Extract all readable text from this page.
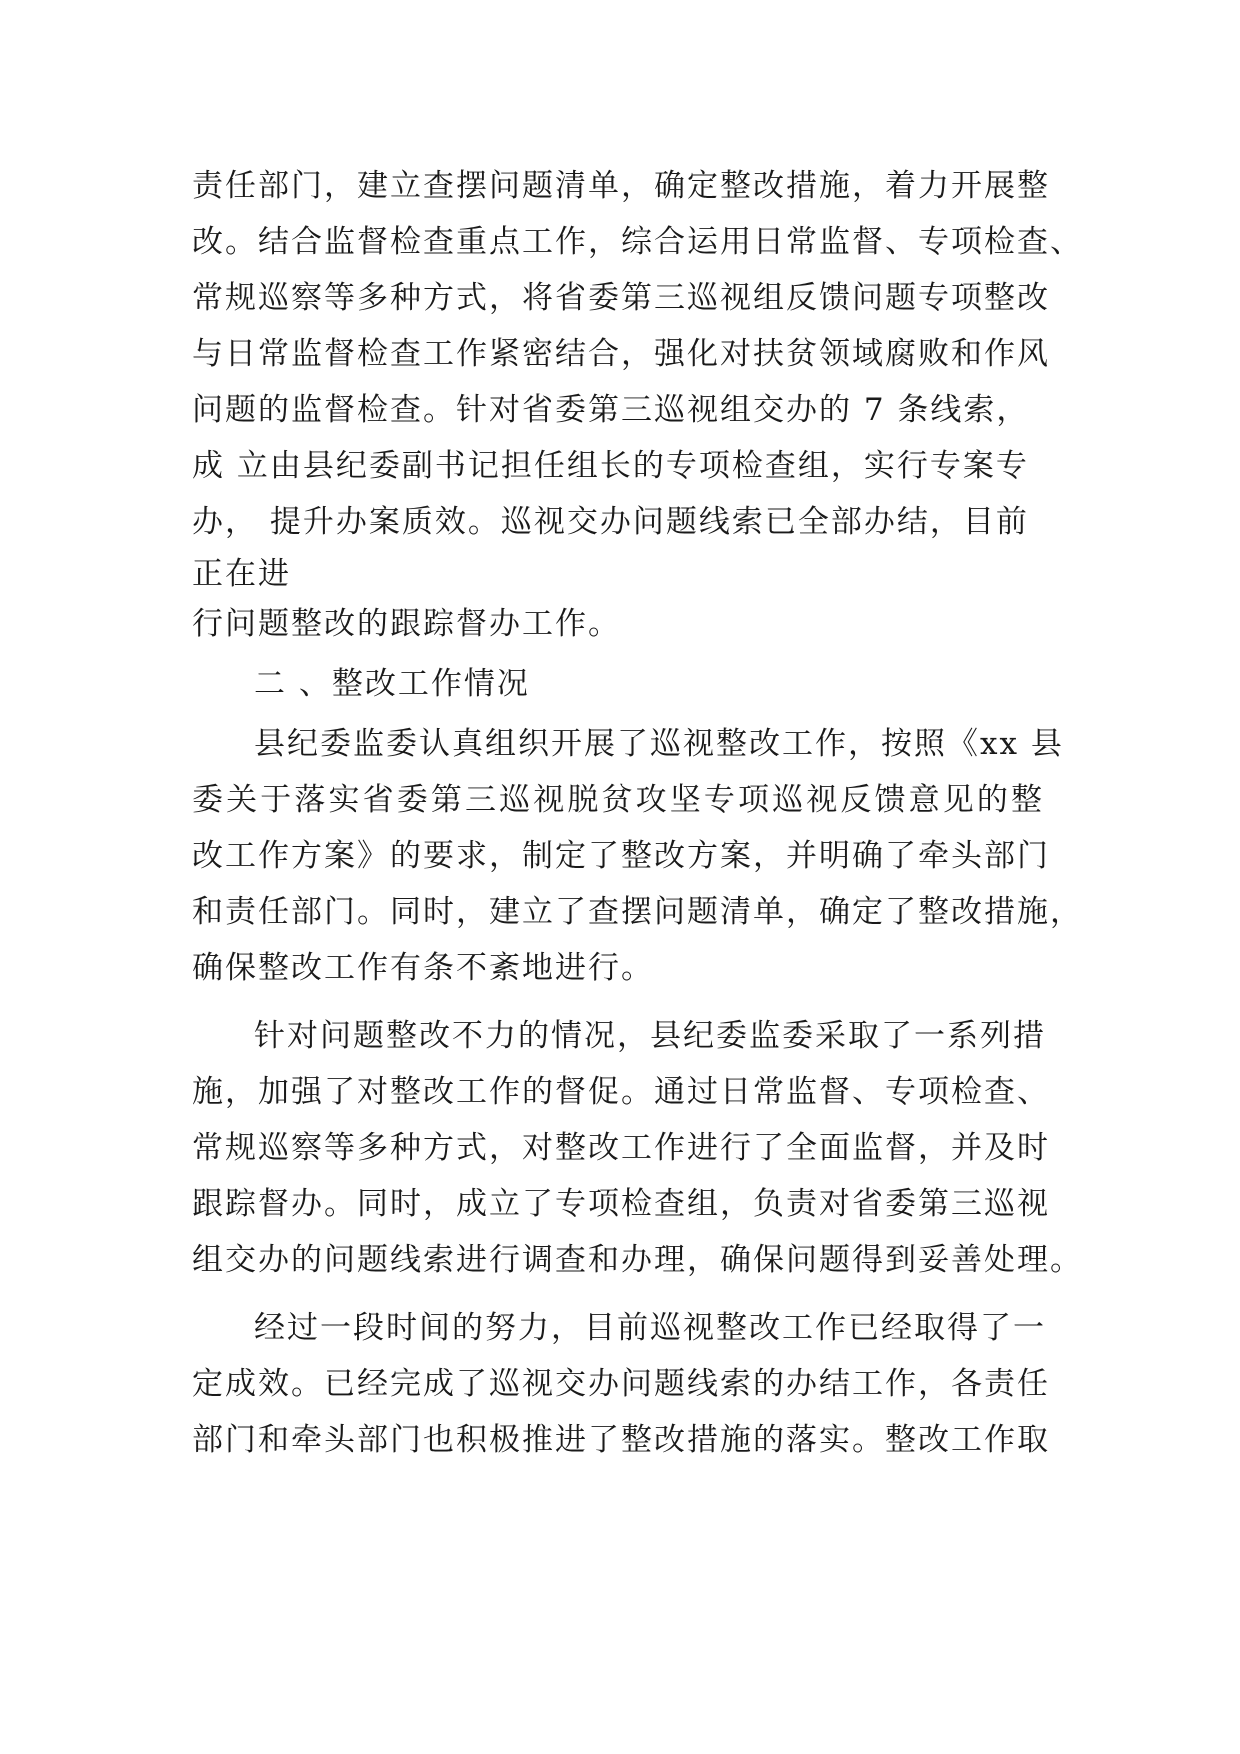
责任部门，建立查摆问题清单，确定整改措施，着力开展整
改。结合监督检查重点工作，综合运用日常监督、专项检查、
常规巡察等多种方式，将省委第三巡视组反馈问题专项整改
与日常监督检查工作紧密结合，强化对扶贫领域腐败和作风
问题的监督检查。针对省委第三巡视组交办的 7 条线索，
成 立由县纪委副书记担任组长的专项检查组，实行专案专
办， 提升办案质效。巡视交办问题线索已全部办结，目前
正在进
行问题整改的跟踪督办工作。
二 、整改工作情况
县纪委监委认真组织开展了巡视整改工作，按照《xx 县
委关于落实省委第三巡视脱贫攻坚专项巡视反馈意见的整
改工作方案》的要求，制定了整改方案，并明确了牵头部门
和责任部门。同时，建立了查摆问题清单，确定了整改措施，
确保整改工作有条不紊地进行。
针对问题整改不力的情况，县纪委监委采取了一系列措
施，加强了对整改工作的督促。通过日常监督、专项检查、
常规巡察等多种方式，对整改工作进行了全面监督，并及时
跟踪督办。同时，成立了专项检查组，负责对省委第三巡视
组交办的问题线索进行调查和办理，确保问题得到妥善处理。
经过一段时间的努力，目前巡视整改工作已经取得了一
定成效。已经完成了巡视交办问题线索的办结工作，各责任
部门和牵头部门也积极推进了整改措施的落实。整改工作取
